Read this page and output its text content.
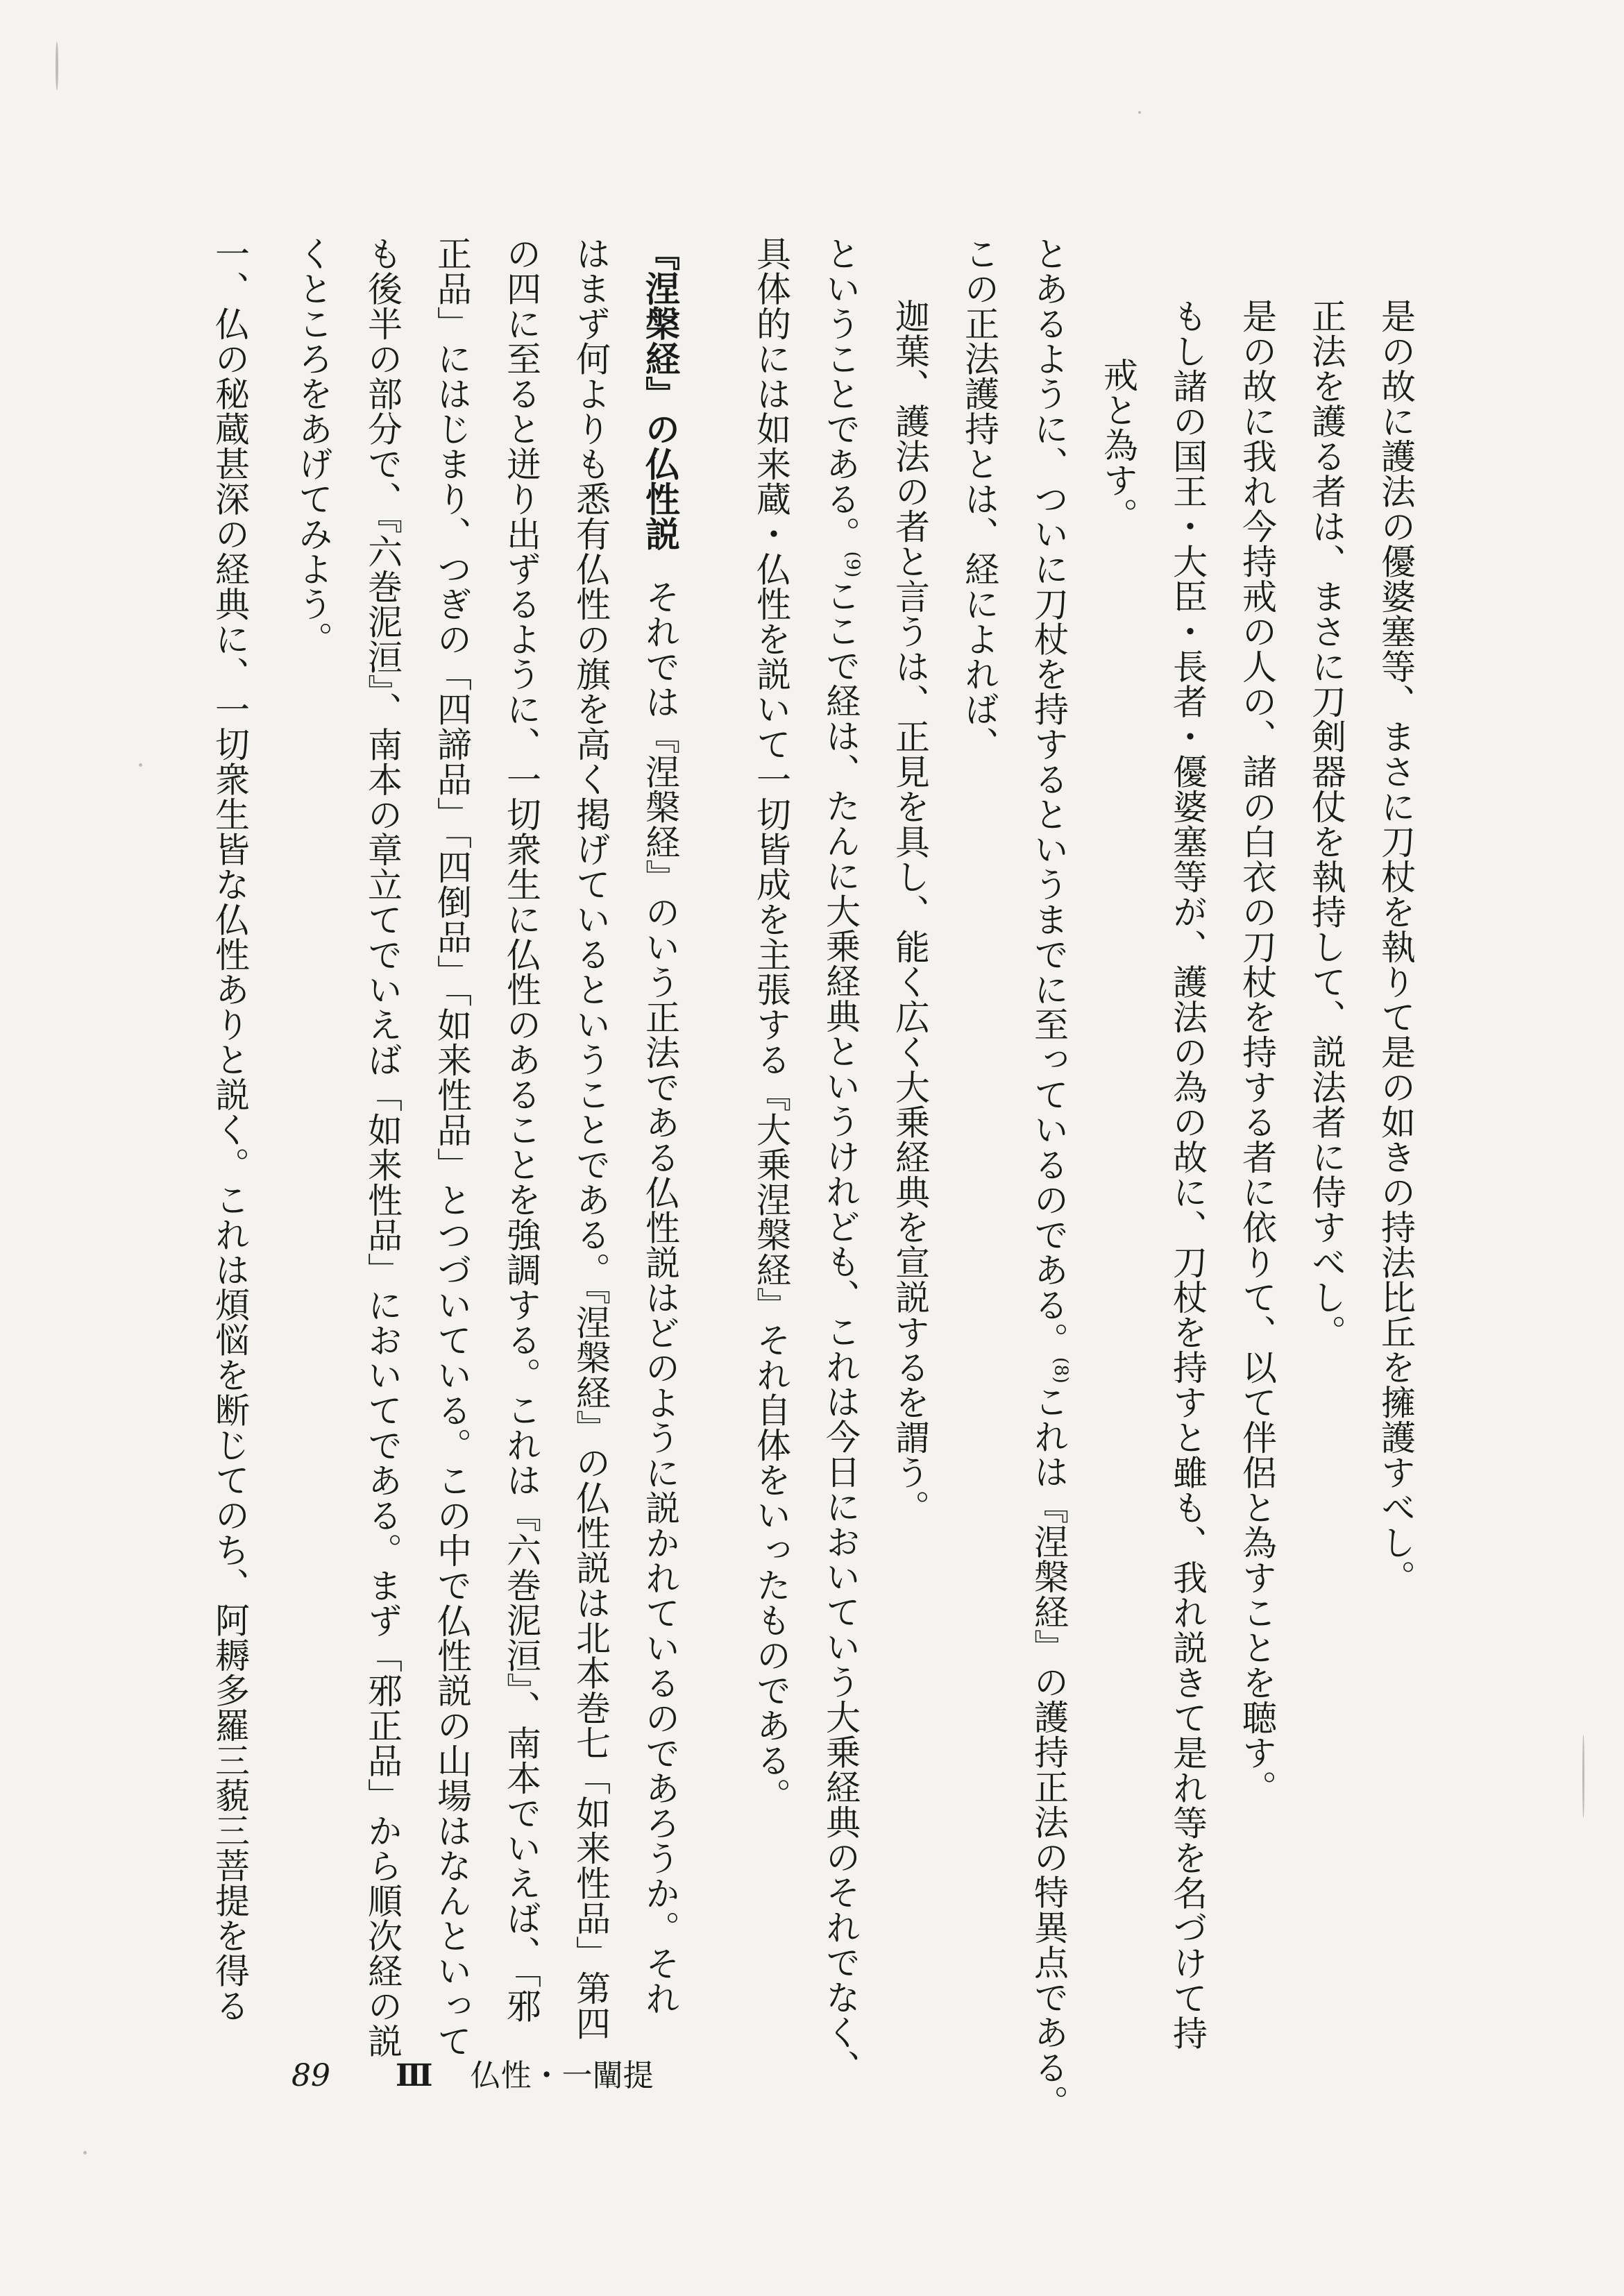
是の故に護法の優婆塞等、まさに刀杖を執りて是の如きの持法比丘を擁護すべし。
正法を護る者は、まさに刀剣器仗を執持して、説法者に侍すべし。
是の故に我れ今持戒の人の、諸の白衣の刀杖を持する者に依りて、以て伴侶と為すことを聴す。
もし諸の国王・大臣・長者・優婆塞等が、護法の為の故に、刀杖を持すと雖も、我れ説きて是れ等を名づけて持
戒と為す。
とあるように、ついに刀杖を持するというまでに至っているのである。$^{(8)}$これは『涅槃経』の護持正法の特異点である。
この正法護持とは、経によれば、
迦葉、護法の者と言うは、正見を具し、能く広く大乗経典を宣説するを謂う。
ということである。$^{(9)}$ここで経は、たんに大乗経典というけれども、これは今日においていう大乗経典のそれでなく、
具体的には如来蔵・仏性を説いて一切皆成を主張する『大乗涅槃経』それ自体をいったものである。
『涅槃経』の仏性説それでは『涅槃経』のいう正法である仏性説はどのように説かれているのであろうか。それ
はまず何よりも悉有仏性の旗を高く掲げているということである。『涅槃経』の仏性説は北本巻七「如来性品」第四
の四に至ると迸り出ずるように、一切衆生に仏性のあることを強調する。これは『六巻泥洹』、南本でいえば、「邪
正品」にはじまり、つぎの「四諦品」「四倒品」「如来性品」とつづいている。この中で仏性説の山場はなんといって
も後半の部分で、『六巻泥洹』、南本の章立てでいえば「如来性品」においてである。まず「邪正品」から順次経の説
くところをあげてみよう。
一、仏の秘蔵甚深の経典に、一切衆生皆な仏性ありと説く。これは煩悩を断じてのち、阿耨多羅三藐三菩提を得る
89 Ⅲ 仏性・一闡提
